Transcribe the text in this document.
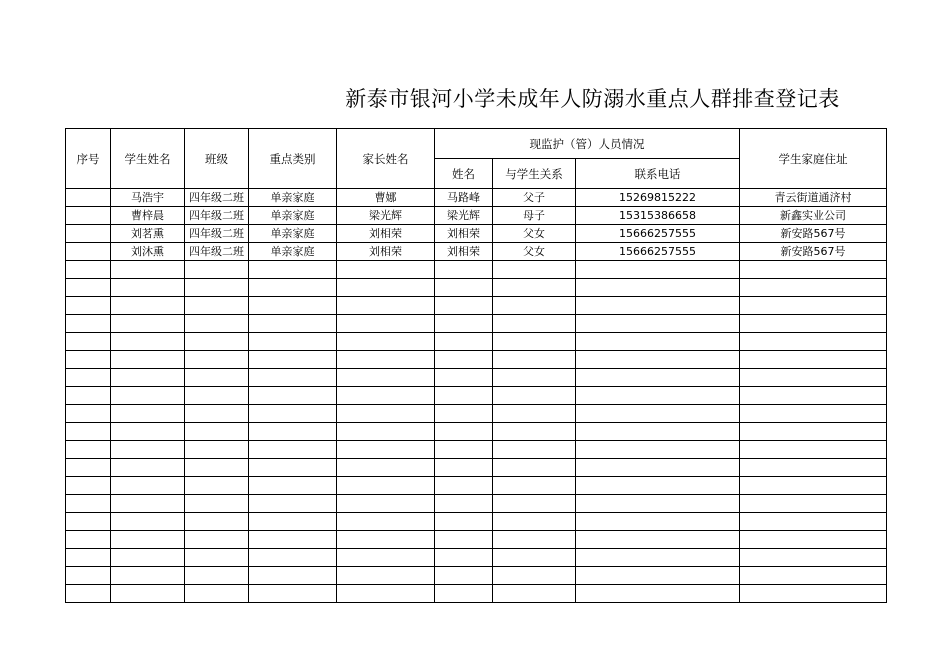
新泰市银河小学未成年人防溺水重点人群排查登记表
序号	学生姓名	班级	重点类别	家长姓名	现监护（管）人员情况			学生家庭住址
					姓名	与学生关系	联系电话	
	马浩宇	四年级二班	单亲家庭	曹娜	马路峰	父子	15269815222	青云街道通济村
	曹梓晨	四年级二班	单亲家庭	梁光辉	梁光辉	母子	15315386658	新鑫实业公司
	刘茗熏	四年级二班	单亲家庭	刘相荣	刘相荣	父女	15666257555	新安路567号
	刘沐熏	四年级二班	单亲家庭	刘相荣	刘相荣	父女	15666257555	新安路567号
